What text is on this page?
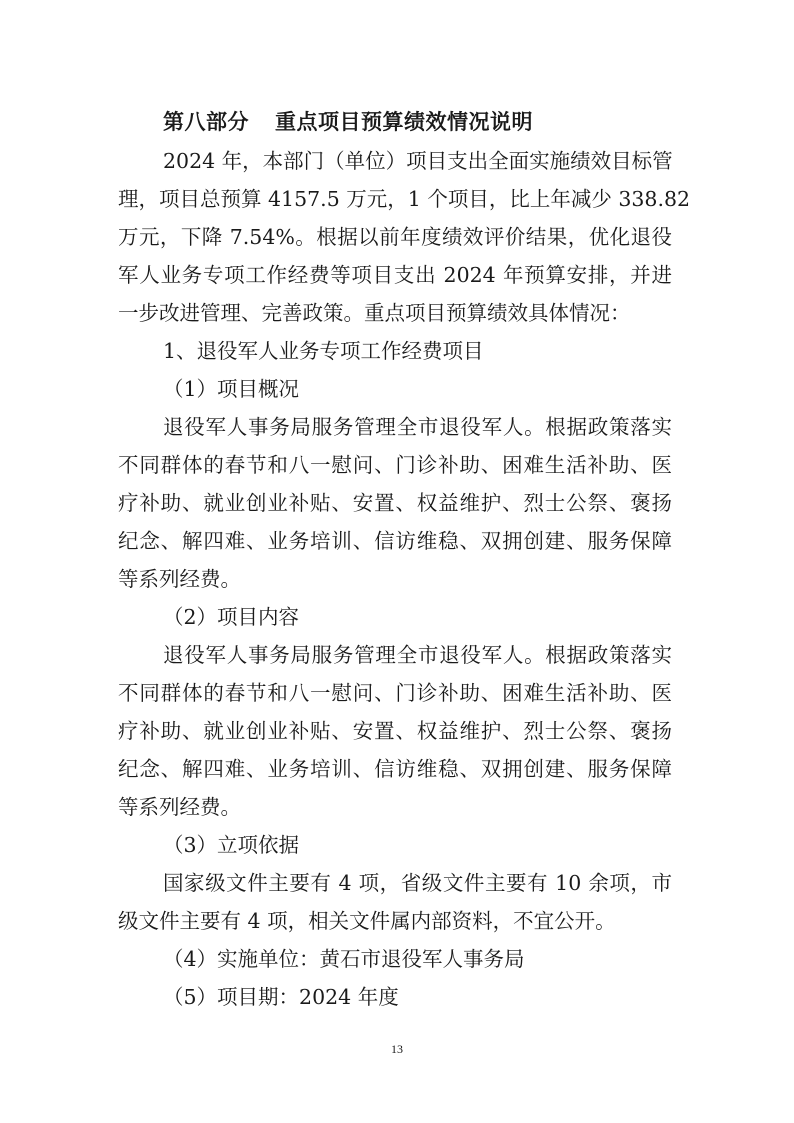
第八部分 重点项目预算绩效情况说明
2024 年，本部门（单位）项目支出全面实施绩效目标管
理，项目总预算 4157.5 万元，1 个项目，比上年减少 338.82
万元，下降 7.54%。根据以前年度绩效评价结果，优化退役
军人业务专项工作经费等项目支出 2024 年预算安排，并进
一步改进管理、完善政策。重点项目预算绩效具体情况：
1、退役军人业务专项工作经费项目
（1）项目概况
退役军人事务局服务管理全市退役军人。根据政策落实
不同群体的春节和八一慰问、门诊补助、困难生活补助、医
疗补助、就业创业补贴、安置、权益维护、烈士公祭、褒扬
纪念、解四难、业务培训、信访维稳、双拥创建、服务保障
等系列经费。
（2）项目内容
退役军人事务局服务管理全市退役军人。根据政策落实
不同群体的春节和八一慰问、门诊补助、困难生活补助、医
疗补助、就业创业补贴、安置、权益维护、烈士公祭、褒扬
纪念、解四难、业务培训、信访维稳、双拥创建、服务保障
等系列经费。
（3）立项依据
国家级文件主要有 4 项，省级文件主要有 10 余项，市
级文件主要有 4 项，相关文件属内部资料，不宜公开。
（4）实施单位：黄石市退役军人事务局
（5）项目期：2024 年度
13
